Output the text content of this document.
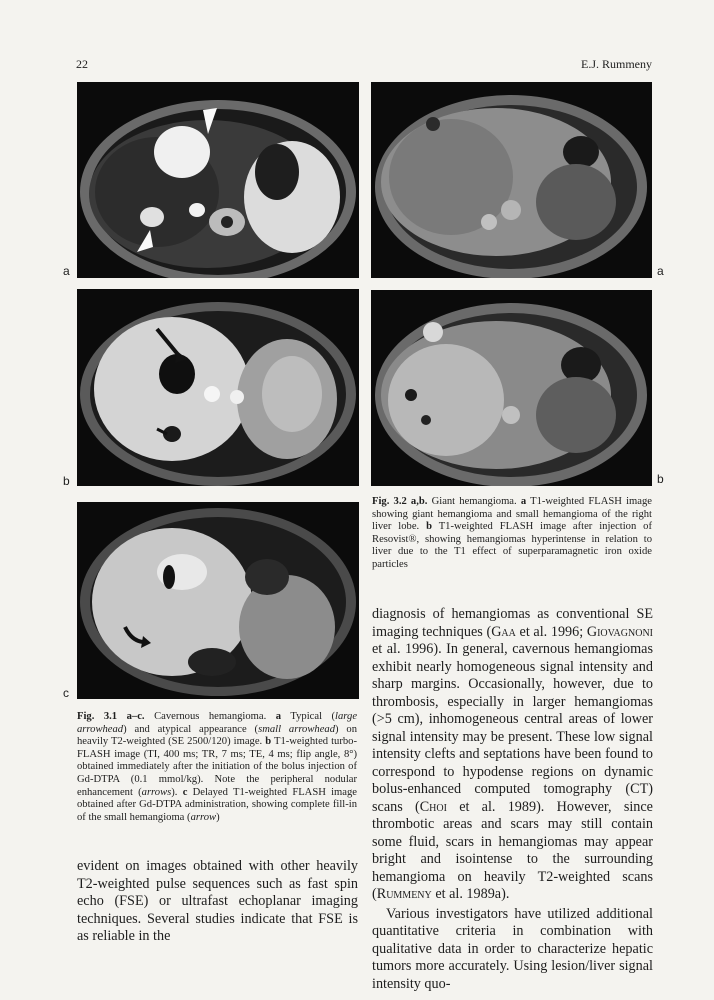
22	E.J. Rummeny
a
b
c
a
b
Fig. 3.2 a,b. Giant hemangioma. a T1-weighted FLASH image showing giant hemangioma and small hemangioma of the right liver lobe. b T1-weighted FLASH image after injection of Resovist®, showing hemangiomas hyperintense in relation to liver due to the T1 effect of superparamagnetic iron oxide particles
Fig. 3.1 a–c. Cavernous hemangioma. a Typical (large arrowhead) and atypical appearance (small arrowhead) on heavily T2-weighted (SE 2500/120) image. b T1-weighted turbo-FLASH image (TI, 400 ms; TR, 7 ms; TE, 4 ms; flip angle, 8°) obtained immediately after the initiation of the bolus injection of Gd-DTPA (0.1 mmol/kg). Note the peripheral nodular enhancement (arrows). c Delayed T1-weighted FLASH image obtained after Gd-DTPA administration, showing complete fill-in of the small hemangioma (arrow)

diagnosis of hemangiomas as conventional SE imaging techniques (Gaa et al. 1996; Giovagnoni et al. 1996). In general, cavernous hemangiomas exhibit nearly homogeneous signal intensity and sharp margins. Occasionally, however, due to thrombosis, especially in larger hemangiomas (>5 cm), inhomogeneous central areas of lower signal intensity may be present. These low signal intensity clefts and septations have been found to correspond to hypodense regions on dynamic bolus-enhanced computed tomography (CT) scans (Choi et al. 1989). However, since thrombotic areas and scars may still contain some fluid, scars in hemangiomas may appear bright and isointense to the surrounding hemangioma on heavily T2-weighted scans (Rummeny et al. 1989a).

Various investigators have utilized additional quantitative criteria in combination with qualitative data in order to characterize hepatic tumors more accurately. Using lesion/liver signal intensity quo-

evident on images obtained with other heavily T2-weighted pulse sequences such as fast spin echo (FSE) or ultrafast echoplanar imaging techniques. Several studies indicate that FSE is as reliable in the
